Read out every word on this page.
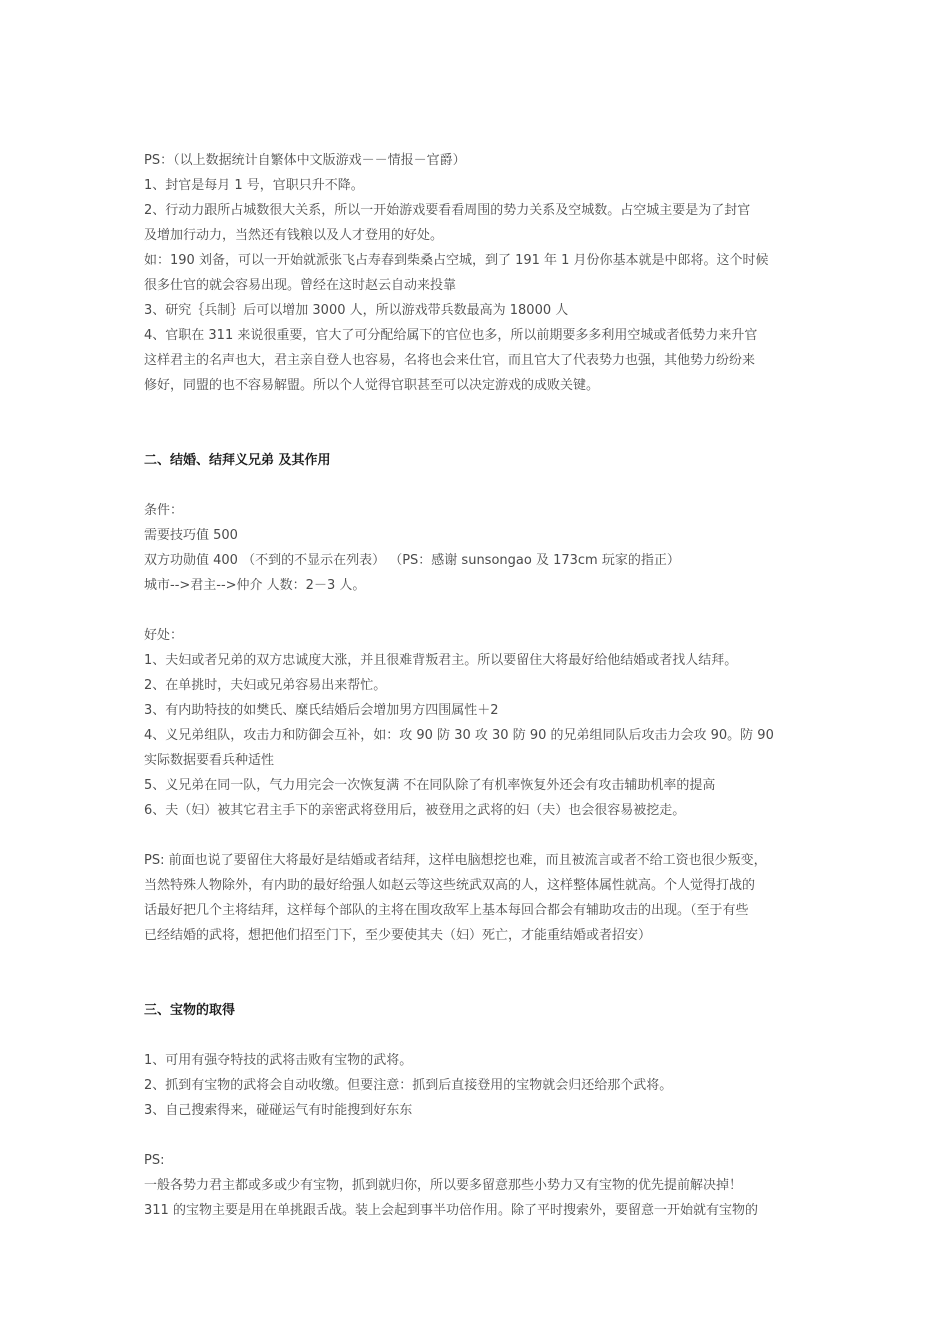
PS：（以上数据统计自繁体中文版游戏－－情报－官爵）
1、封官是每月 1 号，官职只升不降。
2、行动力跟所占城数很大关系，所以一开始游戏要看看周围的势力关系及空城数。占空城主要是为了封官
及增加行动力，当然还有钱粮以及人才登用的好处。
如：190 刘备，可以一开始就派张飞占寿春到柴桑占空城，到了 191 年 1 月份你基本就是中郎将。这个时候
很多仕官的就会容易出现。曾经在这时赵云自动来投靠
3、研究｛兵制｝后可以增加 3000 人，所以游戏带兵数最高为 18000 人
4、官职在 311 来说很重要，官大了可分配给属下的官位也多，所以前期要多多利用空城或者低势力来升官
这样君主的名声也大，君主亲自登人也容易，名将也会来仕官，而且官大了代表势力也强，其他势力纷纷来
修好，同盟的也不容易解盟。所以个人觉得官职甚至可以决定游戏的成败关键。
二、结婚、结拜义兄弟 及其作用
条件：
需要技巧值 500
双方功勋值 400 （不到的不显示在列表） （PS：感谢 sunsongao 及 173cm 玩家的指正）
城市-->君主-->仲介 人数：2－3 人。
好处：
1、夫妇或者兄弟的双方忠诚度大涨，并且很难背叛君主。所以要留住大将最好给他结婚或者找人结拜。
2、在单挑时，夫妇或兄弟容易出来帮忙。
3、有内助特技的如樊氏、糜氏结婚后会增加男方四围属性＋2
4、义兄弟组队，攻击力和防御会互补，如：攻 90 防 30 攻 30 防 90 的兄弟组同队后攻击力会攻 90。防 90
实际数据要看兵种适性
5、义兄弟在同一队，气力用完会一次恢复满 不在同队除了有机率恢复外还会有攻击辅助机率的提高
6、夫（妇）被其它君主手下的亲密武将登用后，被登用之武将的妇（夫）也会很容易被挖走。
PS: 前面也说了要留住大将最好是结婚或者结拜，这样电脑想挖也难，而且被流言或者不给工资也很少叛变，
当然特殊人物除外，有内助的最好给强人如赵云等这些统武双高的人，这样整体属性就高。个人觉得打战的
话最好把几个主将结拜，这样每个部队的主将在围攻敌军上基本每回合都会有辅助攻击的出现。（至于有些
已经结婚的武将，想把他们招至门下，至少要使其夫（妇）死亡，才能重结婚或者招安）
三、宝物的取得
1、可用有强夺特技的武将击败有宝物的武将。
2、抓到有宝物的武将会自动收缴。但要注意：抓到后直接登用的宝物就会归还给那个武将。
3、自己搜索得来，碰碰运气有时能搜到好东东
PS:
一般各势力君主都或多或少有宝物，抓到就归你，所以要多留意那些小势力又有宝物的优先提前解决掉！
311 的宝物主要是用在单挑跟舌战。装上会起到事半功倍作用。除了平时搜索外，要留意一开始就有宝物的
